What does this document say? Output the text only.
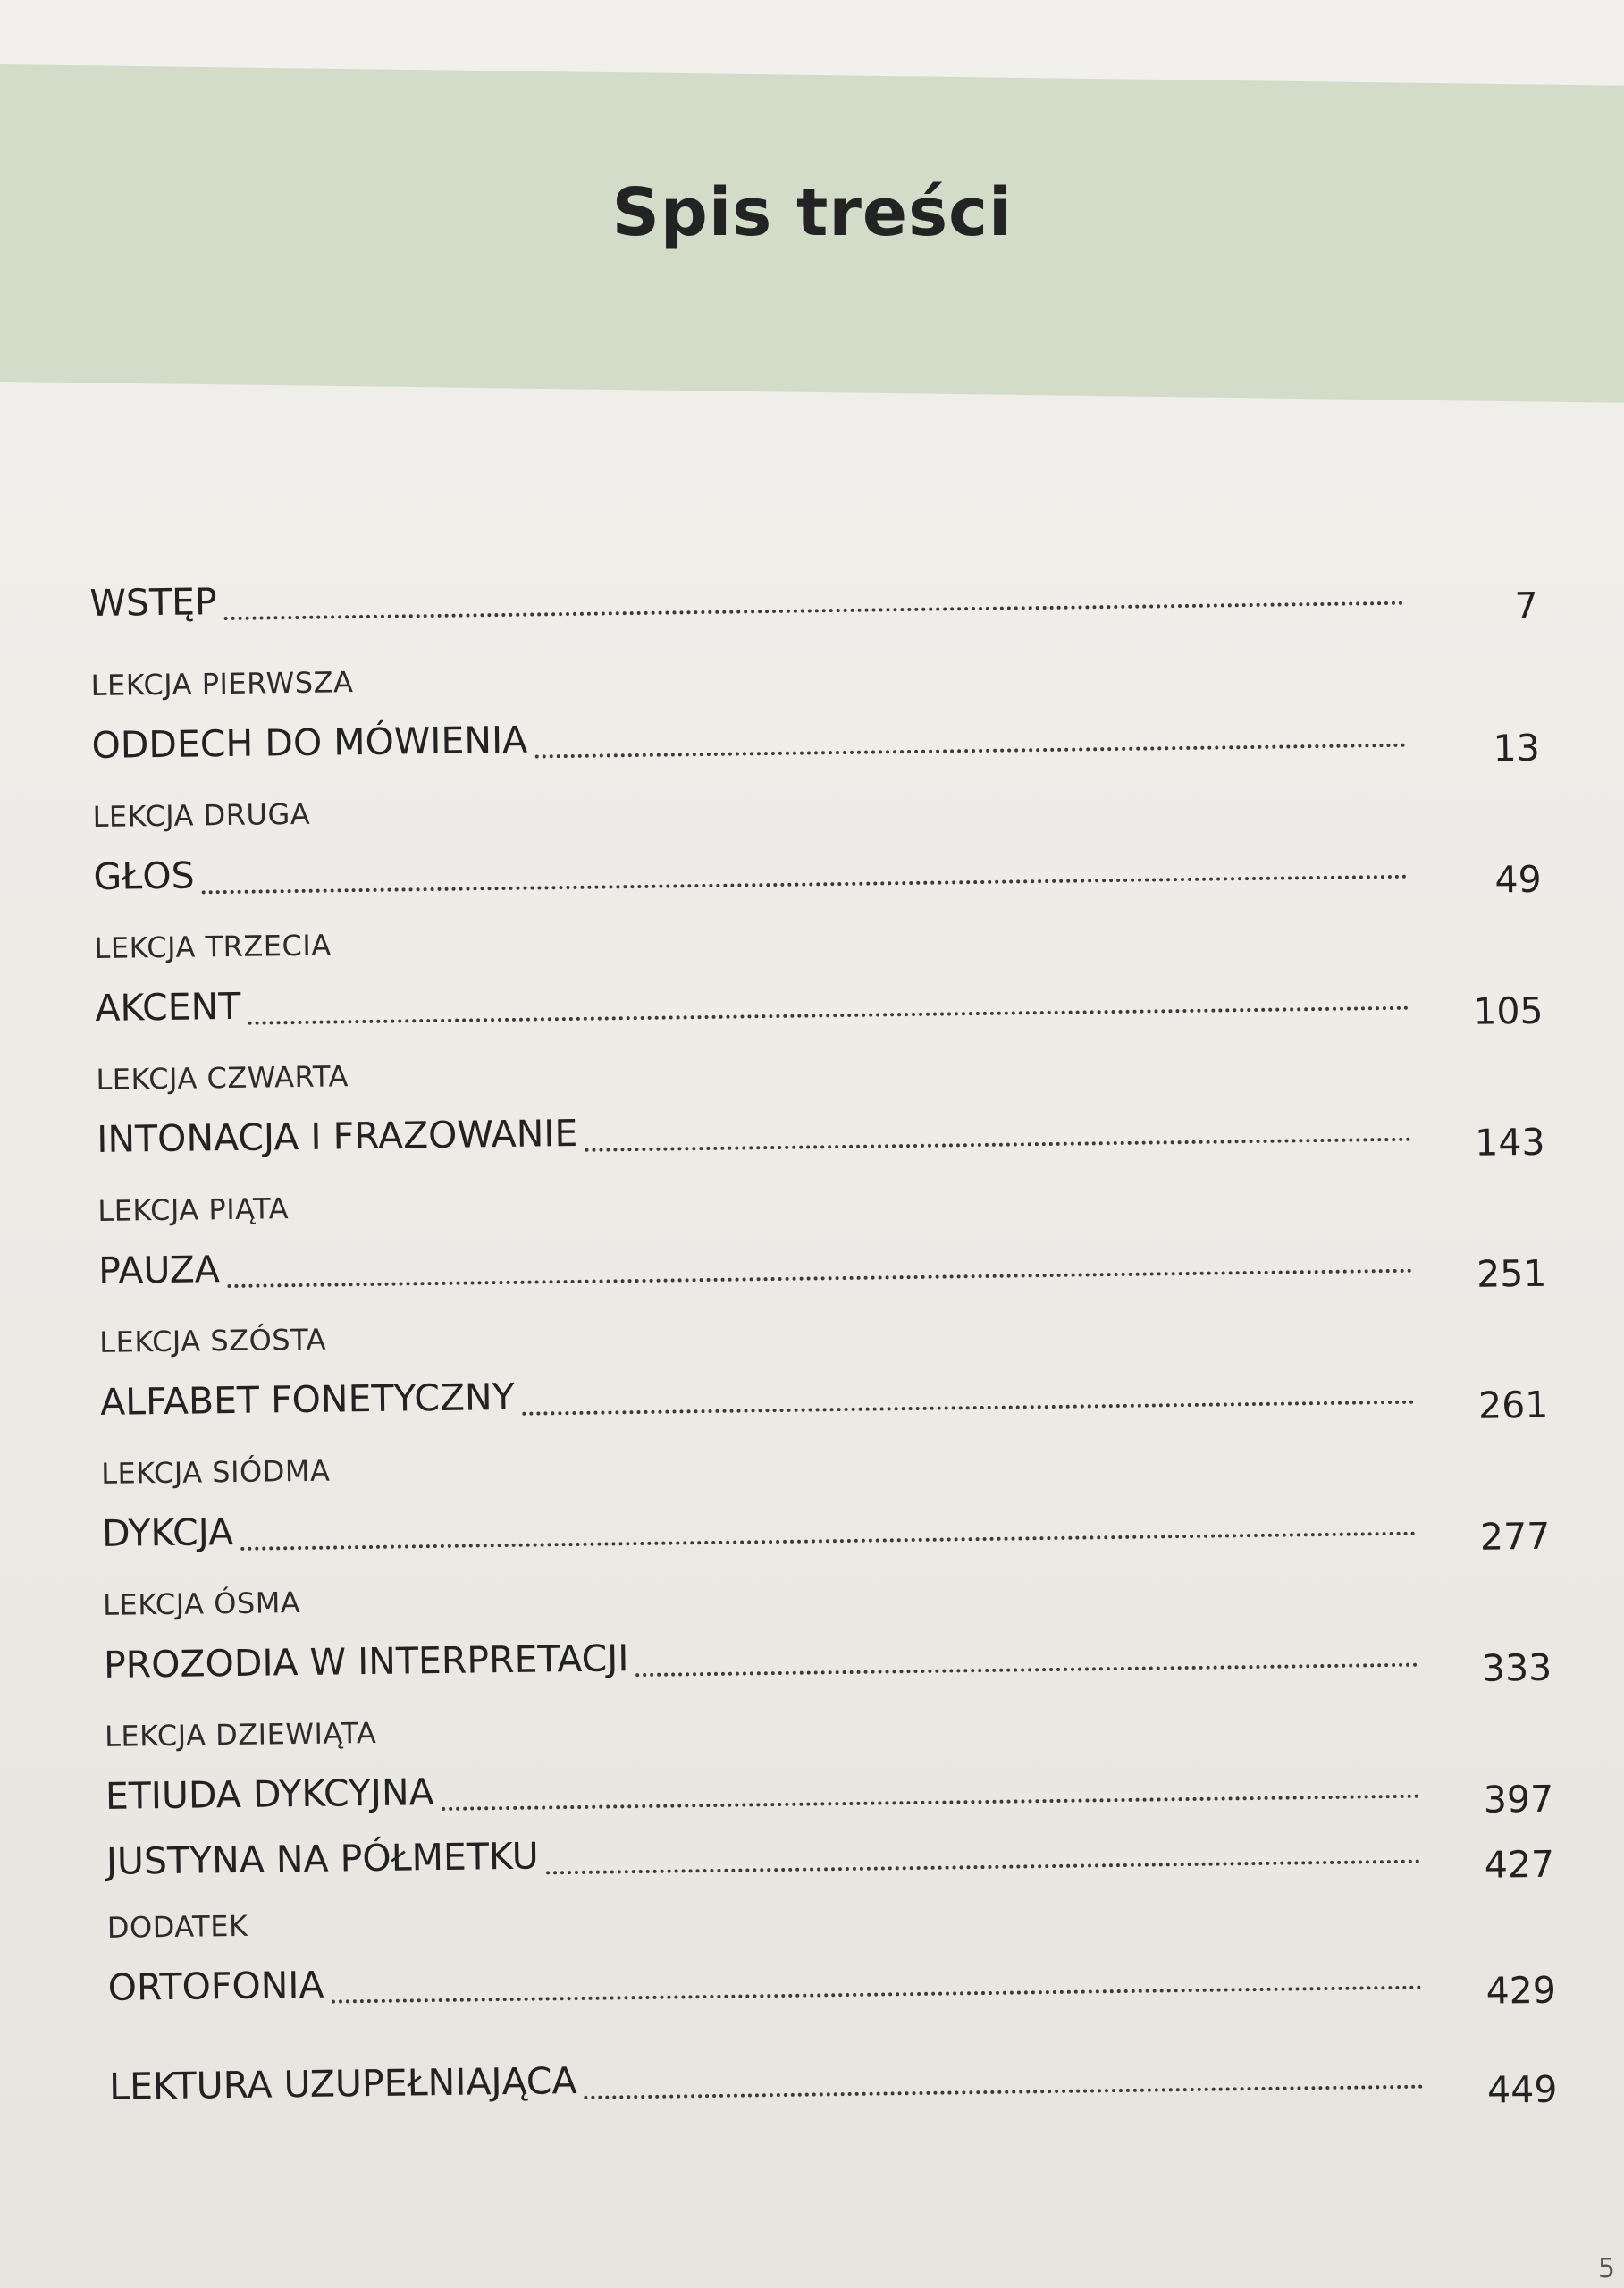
Spis treści
WSTĘP	7
LEKCJA PIERWSZA
ODDECH DO MÓWIENIA	13
LEKCJA DRUGA
GŁOS	49
LEKCJA TRZECIA
AKCENT	105
LEKCJA CZWARTA
INTONACJA I FRAZOWANIE	143
LEKCJA PIĄTA
PAUZA	251
LEKCJA SZÓSTA
ALFABET FONETYCZNY	261
LEKCJA SIÓDMA
DYKCJA	277
LEKCJA ÓSMA
PROZODIA W INTERPRETACJI	333
LEKCJA DZIEWIĄTA
ETIUDA DYKCYJNA	397
JUSTYNA NA PÓŁMETKU	427
DODATEK
ORTOFONIA	429
LEKTURA UZUPEŁNIAJĄCA	449
5
